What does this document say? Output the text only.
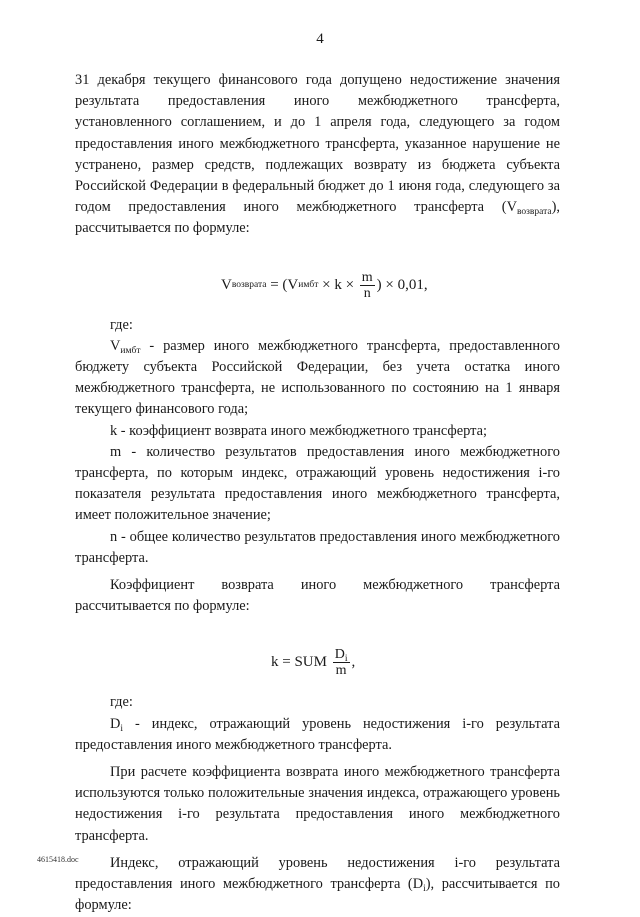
4

31 декабря текущего финансового года допущено недостижение значения результата предоставления иного межбюджетного трансферта, установленного соглашением, и до 1 апреля года, следующего за годом предоставления иного межбюджетного трансферта, указанное нарушение не устранено, размер средств, подлежащих возврату из бюджета субъекта Российской Федерации в федеральный бюджет до 1 июня года, следующего за годом предоставления иного межбюджетного трансферта $(V_{возврата})$, рассчитывается по формуле:

V возврата = (V имбт × $k \times \frac{m}{n}$ ) × 0,01,

где:

$V_{имбт}$ - размер иного межбюджетного трансферта, предоставленного бюджету субъекта Российской Федерации, без учета остатка иного межбюджетного трансферта, не использованного по состоянию на 1 января текущего финансового года;

k - коэффициент возврата иного межбюджетного трансферта;

m - количество результатов предоставления иного межбюджетного трансферта, по которым индекс, отражающий уровень недостижения i-го показателя результата предоставления иного межбюджетного трансферта, имеет положительное значение;

n - общее количество результатов предоставления иного межбюджетного трансферта.

Коэффициент возврата иного межбюджетного трансферта рассчитывается по формуле:

k = SUM $\frac{D_i}{m}$ ,

где:

$D_i$ - индекс, отражающий уровень недостижения i-го результата предоставления иного межбюджетного трансферта.

При расчете коэффициента возврата иного межбюджетного трансферта используются только положительные значения индекса, отражающего уровень недостижения i-го результата предоставления иного межбюджетного трансферта.

Индекс, отражающий уровень недостижения i-го результата предоставления иного межбюджетного трансферта $(D_i)$, рассчитывается по формуле:

4615418.doc
